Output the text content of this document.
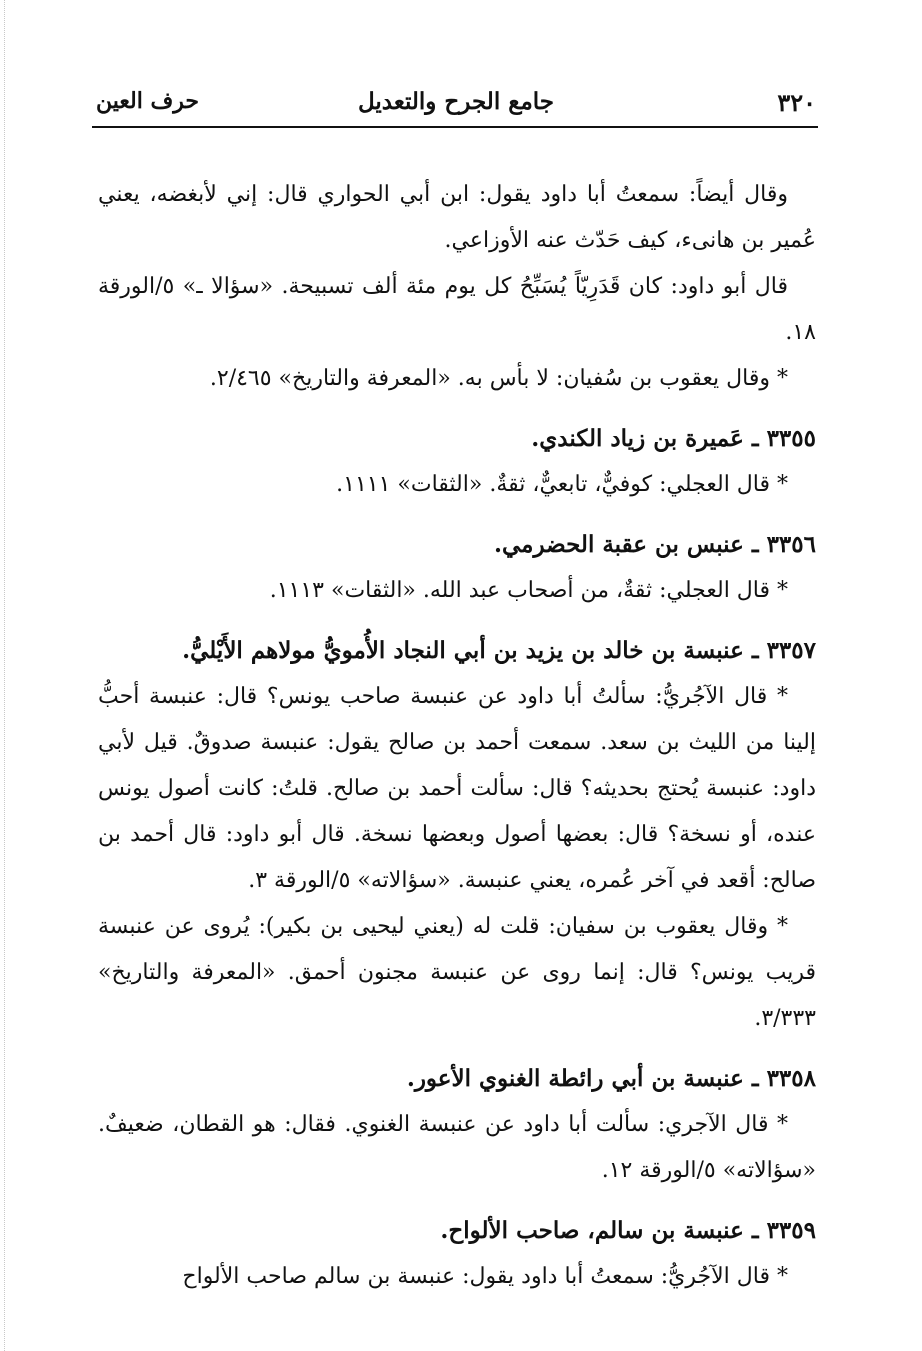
٣٢٠
جامع الجرح والتعديل
حرف العين

وقال أيضاً: سمعتُ أبا داود يقول: ابن أبي الحواري قال: إني لأبغضه، يعني عُمير بن هانىء، كيف حَدّث عنه الأوزاعي.

قال أبو داود: كان قَدَرِيّاً يُسَبِّحُ كل يوم مئة ألف تسبيحة. «سؤالا ـ» ٥/الورقة ١٨.

* وقال يعقوب بن سُفيان: لا بأس به. «المعرفة والتاريخ» ٢/٤٦٥.

٣٣٥٥ ـ عَميرة بن زياد الكندي.

* قال العجلي: كوفيٌّ، تابعيٌّ، ثقةٌ. «الثقات» ١١١١.

٣٣٥٦ ـ عنبس بن عقبة الحضرمي.

* قال العجلي: ثقةٌ، من أصحاب عبد الله. «الثقات» ١١١٣.

٣٣٥٧ ـ عنبسة بن خالد بن يزيد بن أبي النجاد الأُمويُّ مولاهم الأَيْليُّ.

* قال الآجُريُّ: سألتُ أبا داود عن عنبسة صاحب يونس؟ قال: عنبسة أحبُّ إلينا من الليث بن سعد. سمعت أحمد بن صالح يقول: عنبسة صدوقٌ. قيل لأبي داود: عنبسة يُحتج بحديثه؟ قال: سألت أحمد بن صالح. قلتُ: كانت أصول يونس عنده، أو نسخة؟ قال: بعضها أصول وبعضها نسخة. قال أبو داود: قال أحمد بن صالح: أقعد في آخر عُمره، يعني عنبسة. «سؤالاته» ٥/الورقة ٣.

* وقال يعقوب بن سفيان: قلت له (يعني ليحيى بن بكير): يُروى عن عنبسة قريب يونس؟ قال: إنما روى عن عنبسة مجنون أحمق. «المعرفة والتاريخ» ٣/٣٣٣.

٣٣٥٨ ـ عنبسة بن أبي رائطة الغنوي الأعور.

* قال الآجري: سألت أبا داود عن عنبسة الغنوي. فقال: هو القطان، ضعيفٌ. «سؤالاته» ٥/الورقة ١٢.

٣٣٥٩ ـ عنبسة بن سالم، صاحب الألواح.

* قال الآجُريُّ: سمعتُ أبا داود يقول: عنبسة بن سالم صاحب الألواح
